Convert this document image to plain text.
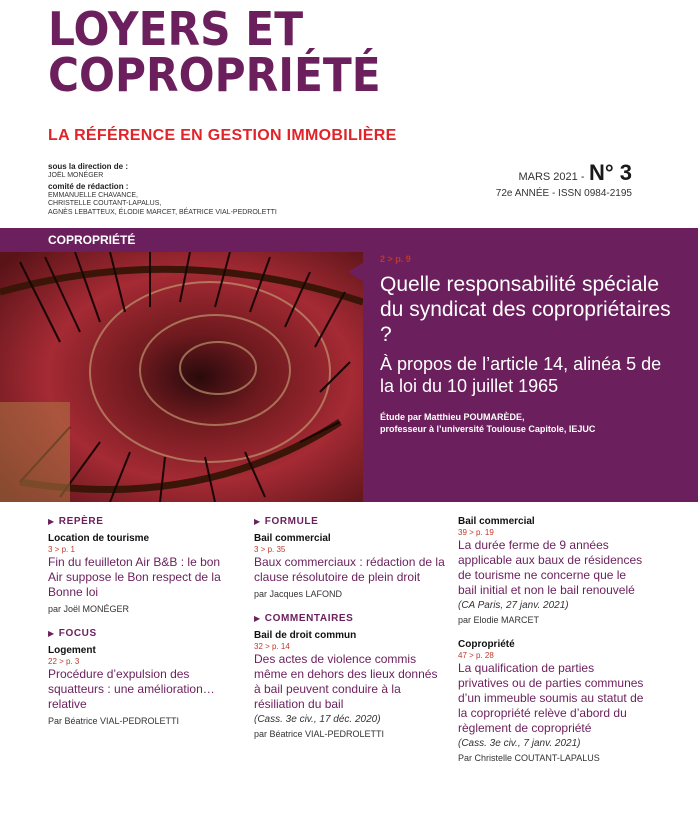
LOYERS ET COPROPRIÉTÉ
LA RÉFÉRENCE EN GESTION IMMOBILIÈRE
sous la direction de :
JOËL MONÉGER
comité de rédaction :
EMMANUELLE CHAVANCE,
CHRISTELLE COUTANT-LAPALUS,
AGNÈS LEBATTEUX, ÉLODIE MARCET, BÉATRICE VIAL-PEDROLETTI
MARS 2021 - N° 3
72e ANNÉE - ISSN 0984-2195
COPROPRIÉTÉ
2 > p. 9
Quelle responsabilité spéciale du syndicat des copropriétaires ?
À propos de l’article 14, alinéa 5 de la loi du 10 juillet 1965
Étude par Matthieu POUMARÈDE,
professeur à l’université Toulouse Capitole, IEJUC
▶ REPÈRE
Location de tourisme
3 > p. 1
Fin du feuilleton Air B&B : le bon Air suppose le Bon respect de la Bonne loi
par Joël MONÉGER
▶ FOCUS
Logement
22 > p. 3
Procédure d’expulsion des squatteurs : une amélioration… relative
Par Béatrice VIAL-PEDROLETTI
▶ FORMULE
Bail commercial
3 > p. 35
Baux commerciaux : rédaction de la clause résolutoire de plein droit
par Jacques LAFOND
▶ COMMENTAIRES
Bail de droit commun
32 > p. 14
Des actes de violence commis même en dehors des lieux donnés à bail peuvent conduire à la résiliation du bail
(Cass. 3e civ., 17 déc. 2020)
par Béatrice VIAL-PEDROLETTI
Bail commercial
39 > p. 19
La durée ferme de 9 années applicable aux baux de résidences de tourisme ne concerne que le bail initial et non le bail renouvelé
(CA Paris, 27 janv. 2021)
par Elodie MARCET
Copropriété
47 > p. 28
La qualification de parties privatives ou de parties communes d’un immeuble soumis au statut de la copropriété relève d’abord du règlement de copropriété
(Cass. 3e civ., 7 janv. 2021)
Par Christelle COUTANT-LAPALUS
